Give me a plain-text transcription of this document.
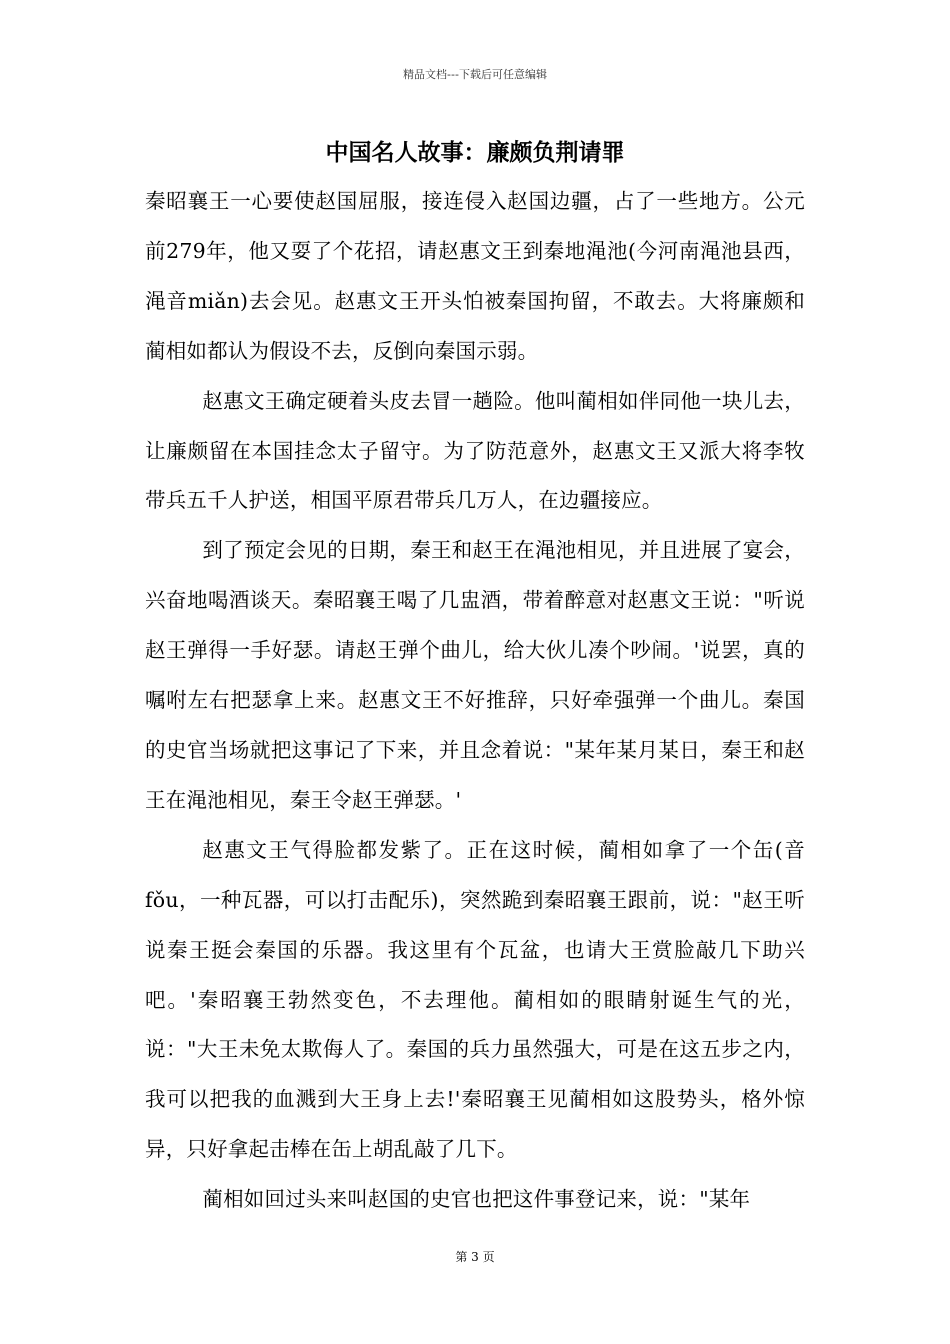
精品文档---下载后可任意编辑
中国名人故事：廉颇负荆请罪

秦昭襄王一心要使赵国屈服，接连侵入赵国边疆，占了一些地方。公元前279年，他又耍了个花招，请赵惠文王到秦地渑池(今河南渑池县西，渑音miǎn)去会见。赵惠文王开头怕被秦国拘留，不敢去。大将廉颇和蔺相如都认为假设不去，反倒向秦国示弱。

赵惠文王确定硬着头皮去冒一趟险。他叫蔺相如伴同他一块儿去，让廉颇留在本国挂念太子留守。为了防范意外，赵惠文王又派大将李牧带兵五千人护送，相国平原君带兵几万人，在边疆接应。

到了预定会见的日期，秦王和赵王在渑池相见，并且进展了宴会，兴奋地喝酒谈天。秦昭襄王喝了几盅酒，带着醉意对赵惠文王说："听说赵王弹得一手好瑟。请赵王弹个曲儿，给大伙儿凑个吵闹。'说罢，真的嘱咐左右把瑟拿上来。赵惠文王不好推辞，只好牵强弹一个曲儿。秦国的史官当场就把这事记了下来，并且念着说："某年某月某日，秦王和赵王在渑池相见，秦王令赵王弹瑟。'

赵惠文王气得脸都发紫了。正在这时候，蔺相如拿了一个缶(音fǒu，一种瓦器，可以打击配乐)，突然跪到秦昭襄王跟前，说："赵王听说秦王挺会秦国的乐器。我这里有个瓦盆，也请大王赏脸敲几下助兴吧。'秦昭襄王勃然变色，不去理他。蔺相如的眼睛射诞生气的光，说："大王未免太欺侮人了。秦国的兵力虽然强大，可是在这五步之内，我可以把我的血溅到大王身上去!'秦昭襄王见蔺相如这股势头，格外惊异，只好拿起击棒在缶上胡乱敲了几下。

蔺相如回过头来叫赵国的史官也把这件事登记来，说："某年

第 3 页
